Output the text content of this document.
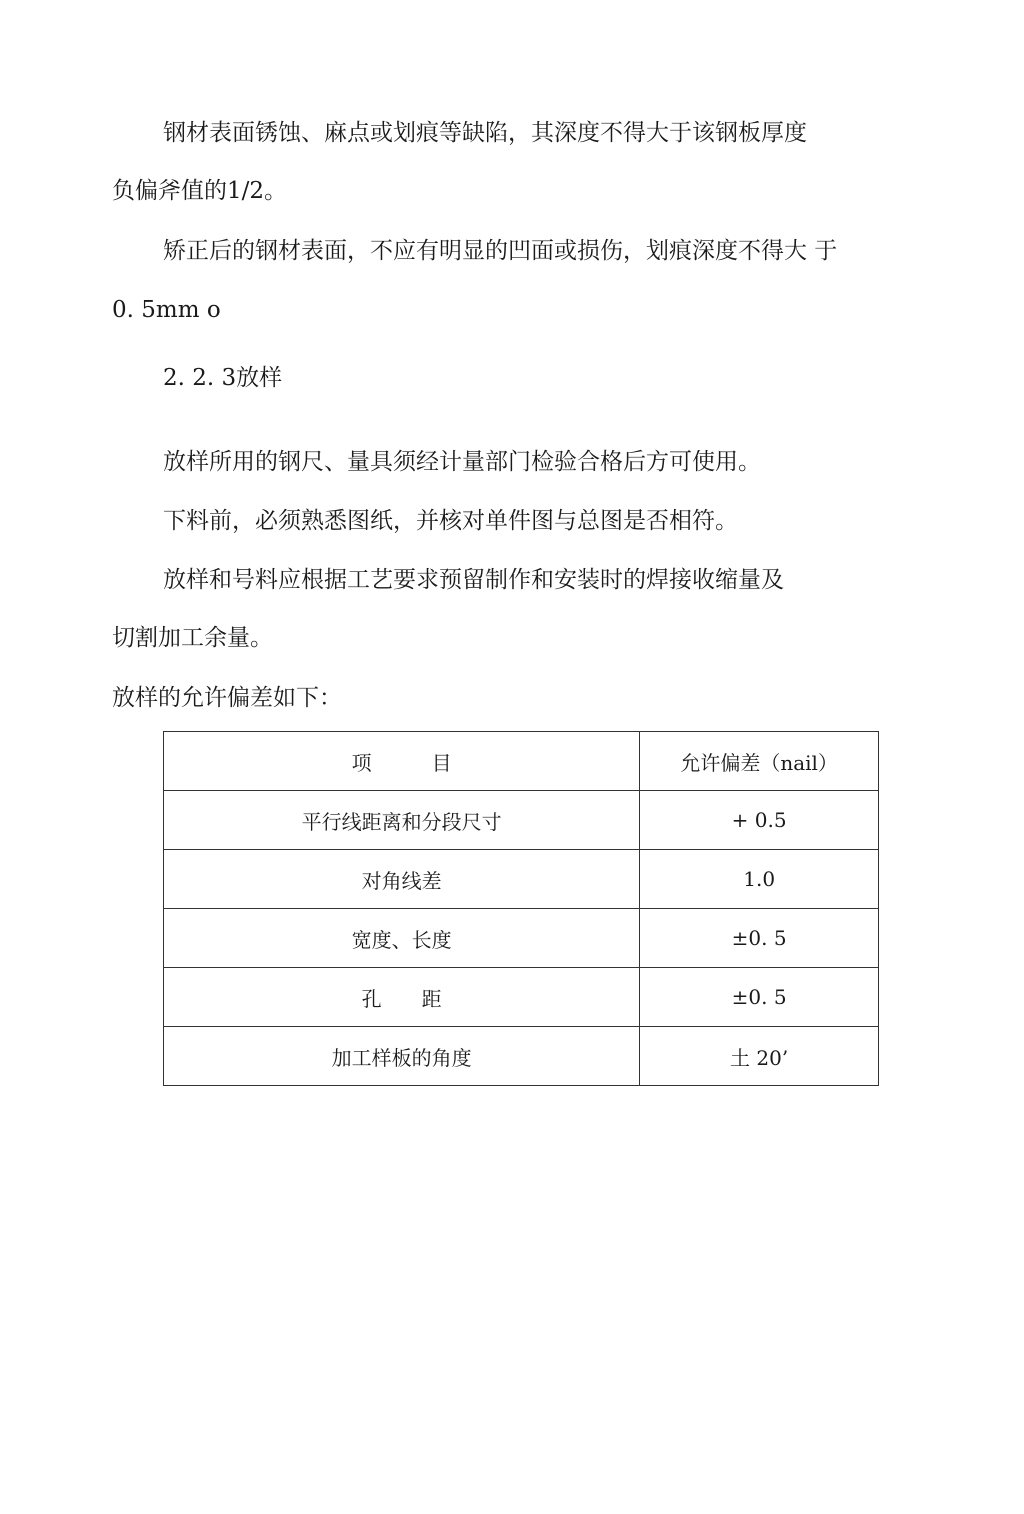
钢材表面锈蚀、麻点或划痕等缺陷，其深度不得大于该钢板厚度

负偏斧值的1/2。

矫正后的钢材表面，不应有明显的凹面或损伤，划痕深度不得大 于

0. 5mm o

2. 2. 3放样

放样所用的钢尺、量具须经计量部门检验合格后方可使用。

下料前，必须熟悉图纸，并核对单件图与总图是否相符。

放样和号料应根据工艺要求预留制作和安装时的焊接收缩量及

切割加工余量。

放样的允许偏差如下：

项　　　目	允许偏差（nail）
平行线距离和分段尺寸	+ 0.5
对角线差	1.0
宽度、长度	±0. 5
孔　　距	±0. 5
加工样板的角度	土 20’
